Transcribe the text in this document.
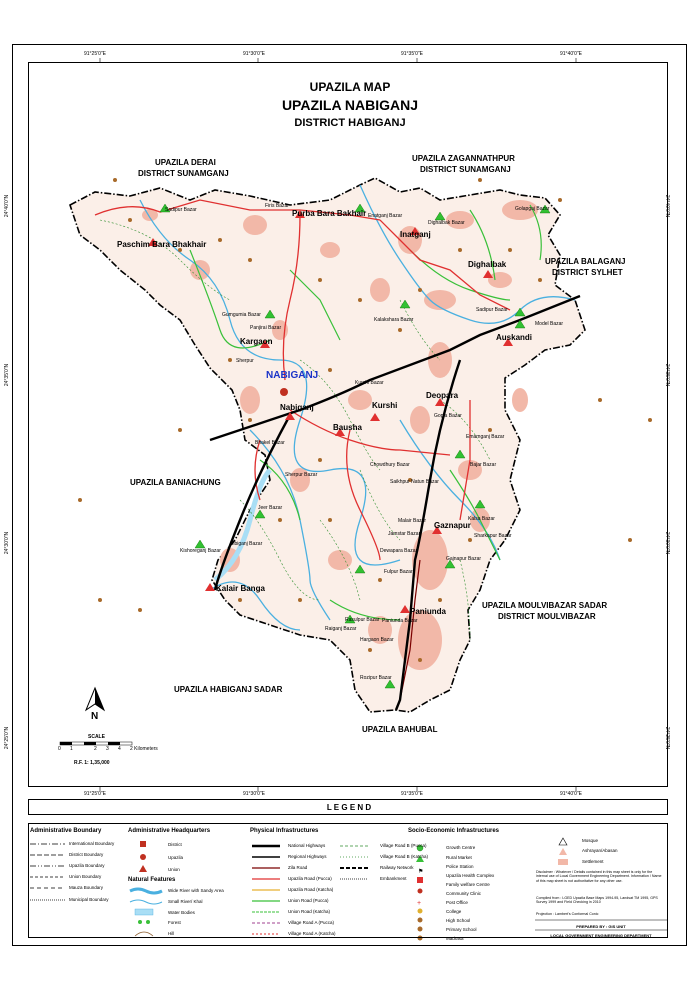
⚑
+
91°25'0"E	91°30'0"E	91°35'0"E	91°40'0"E
91°25'0"E	91°30'0"E	91°35'0"E	91°40'0"E
24°40'0"N
24°35'0"N
24°30'0"N
24°25'0"N
24°40'0"N
24°35'0"N
24°30'0"N
24°25'0"N
UPAZILA MAP
UPAZILA NABIGANJ
DISTRICT HABIGANJ
UPAZILA DERAI
DISTRICT SUNAMGANJ
UPAZILA ZAGANNATHPUR
DISTRICT SUNAMGANJ
UPAZILA BALAGANJ
DISTRICT SYLHET
UPAZILA BANIACHUNG
UPAZILA MOULVIBAZAR SADAR
DISTRICT MOULVIBAZAR
UPAZILA HABIGANJ SADAR
UPAZILA BAHUBAL
Paschim Bara Bhakhair
Purba Bara Bakhair
Inatganj
Dighalbak
Auskandi
Kargaon
NABIGANJ
Nabiganj	Kurshi
Deopara
Bausha
Gaznapur
Kalair Banga
Paniunda
Sadipur Bazar
Firis Bazar
Enatganj Bazar
Dighalbak Bazar
Golapgaj Bazar
Gumgumia Bazar
Panjirai Bazar
Bhakel Bazar
Gopla Bazar
Emamganj Bazar
Bajar Bazar
Chowdhury Bazar
Saikhpur Natun Bazar
Sherpur Bazar
Jeer Bazar
Rasulpur Bazar
Bibiganj Bazar
Kishoreganj Bazar	Dewapara Bazar
Fulpur Bazar
Paniunda Bazar
Raiganj Bazar
Hargaon Bazar
Rozipur Bazar
Model Bazar
Sadipur Bazar
Kalakshara Bazar
Sherpur
Kurshi Bazar
Gajnapur Bazar
Malair Bazar
Jamstar Bazar
Kalsa Bazar
Sharkapur Bazar
N
SCALE
0 1	2 3 4 2 Kilometers
R.F. 1: 1,35,000
L E G E N D
Administrative Boundary
International Boundary
District Boundary
Upazila Boundary
Union Boundary
Mauza Boundary
Municipal Boundary
Administrative Headquarters
District
Upazila
Union
Natural Features
Wide River with Sandy Area
Small River/ Khal
Water Bodies
Forest
Hill
Physical Infrastructures
National Highways
Regional Highways
Zila Road
Upazila Road (Pucca)
Upazila Road (Katcha)
Union Road (Pucca)
Union Road (Katcha)
Village Road A (Pucca)
Village Road A (Katcha)
Village Road B (Pucca)
Village Road B (Katcha)
Railway Network
Embankment
Socio-Economic Infrastructures
Growth Centre
Rural Market
Police Station
Upazila Health Complex
Family welfare Centre
Community Clinic
Post Office
College
High School
Primary School
Madrasa
Mosque
Ashrayan/Abasan
Settlement
Disclaimer : Whatever / Details contained in this map sheet is only for the internal use of Local Government Engineering Department. Information / Name of this map sheet is not authoritative for any other use.
Compiled from : LGED Upazila Base Maps 1994-95, Landsat TM 1995, GPS Survey 1999 and Field Checking in 2010
Projection : Lambert's Conformal Conic
PREPARED BY : GIS UNIT
LOCAL GOVERNMENT ENGINEERING DEPARTMENT
